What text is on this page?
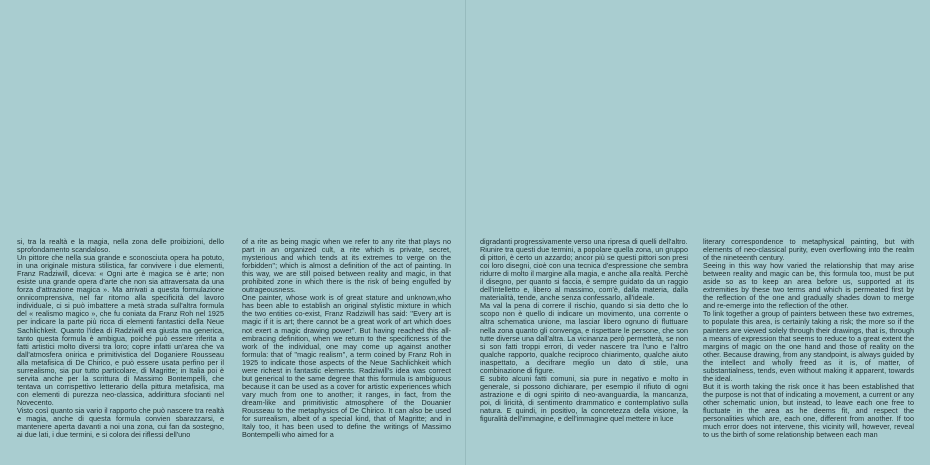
si, tra la realtà e la magia, nella zona delle proibizioni, dello sprofondamento scandaloso.

Un pittore che nella sua grande e sconosciuta opera ha potuto, in una originale mistura stilistica, far convivere i due elementi, Franz Radziwill, diceva: « Ogni arte è magica se è arte; non esiste una grande opera d'arte che non sia attraversata da una forza d'attrazione magica ». Ma arrivati a questa formulazione onnicomprensiva, nel far ritorno alla specificità del lavoro individuale, ci si può imbattere a metà strada sull'altra formula del « realismo magico », che fu coniata da Franz Roh nel 1925 per indicare la parte più ricca di elementi fantastici della Neue Sachlichkeit. Quanto l'idea di Radziwill era giusta ma generica, tanto questa formula è ambigua, poiché può essere riferita a fatti artistici molto diversi tra loro; copre infatti un'area che va dall'atmosfera onirica e primitivistica del Doganiere Rousseau alla metafisica di De Chirico, e può essere usata perfino per il surrealismo, sia pur tutto particolare, di Magritte; in Italia poi è servita anche per la scrittura di Massimo Bontempelli, che tentava un corrispettivo letterario della pittura metafisica, ma con elementi di purezza neo-classica, addirittura sfocianti nel Novecento.

Visto così quanto sia vario il rapporto che può nascere tra realtà e magia, anche di questa formula convien sbarazzarsi, e mantenere aperta davanti a noi una zona, cui fan da sostegno, ai due lati, i due termini, e si colora dei riflessi dell'uno

of a rite as being magic when we refer to any rite that plays no part in an organized cult, a rite which is private, secret, mysterious and which tends at its extremes to verge on the forbidden''; which is almost a definition of the act of painting. In this way, we are still poised between reality and magic, in that prohibited zone in which there is the risk of being engulfed by outrageousness.

One painter, whose work is of great stature and unknown,who has been able to establish an original stylistic mixture in which the two entities co-exist, Franz Radziwill has said: ''Every art is magic if it is art; there cannot be a great work of art which does not exert a magic drawing power''. But having reached this all-embracing definition, when we return to the specificness of the work of the individual, one may come up against another formula: that of ''magic realism'', a term coined by Franz Roh in 1925 to indicate those aspects of the Neue Sachlichkeit which were richest in fantastic elements. Radziwill's idea was correct but generical to the same degree that this formula is ambiguous because it can be used as a cover for artistic experiences which vary much from one to another; it ranges, in fact, from the dream-like and primitivistic atmosphere of the Douanier Rousseau to the metaphysics of De Chirico. It can also be used for surrealism, albeit of a special kind, that of Magritte; and in Italy too, it has been used to define the writings of Massimo Bontempelli who aimed for a

digradanti progressivamente verso una ripresa di quelli dell'altro.

Riunire tra questi due termini, a popolare quella zona, un gruppo di pittori, è certo un azzardo; ancor più se questi pittori son presi coi loro disegni, cioè con una tecnica d'espressione che sembra ridurre di molto il margine alla magia, e anche alla realtà. Perchè il disegno, per quanto si faccia, è sempre guidato da un raggio dell'intelletto e, libero al massimo, com'è, dalla materia, dalla materialità, tende, anche senza confessarlo, all'ideale.

Ma val la pena di correre il rischio, quando si sia detto che lo scopo non è quello di indicare un movimento, una corrente o altra schematica unione, ma lasciar libero ognuno di fluttuare nella zona quanto gli convenga, e rispettare le persone, che son tutte diverse una dall'altra. La vicinanza però permetterà, se non si son fatti troppi errori, di veder nascere tra l'uno e l'altro qualche rapporto, qualche reciproco chiarimento, qualche aiuto inaspettato, a decifrare meglio un dato di stile, una combinazione di figure.

E subito alcuni fatti comuni, sia pure in negativo e molto in generale, si possono dichiarare, per esempio il rifiuto di ogni astrazione e di ogni spirito di neo-avanguardia, la mancanza, poi, di liricità, di sentimento drammatico e contemplativo sulla natura. E quindi, in positivo, la concretezza della visione, la figuralità dell'immagine, e dell'immagine quel mettere in luce

literary correspondence to metaphysical painting, but with elements of neo-classical purity, even overflowing into the realm of the nineteenth century.

Seeing in this way how varied the relationship that may arise between reality and magic can be, this formula too, must be put aside so as to keep an area before us, supported at its extremities by these two terms and which is permeated first by the reflection of the one and gradually shades down to merge and re-emerge into the reflection of the other.

To link together a group of painters between these two extremes, to populate this area, is certainly taking a risk; the more so if the painters are viewed solely through their drawings, that is, through a means of expression that seems to reduce to a great extent the margins of magic on the one hand and those of reality on the other. Because drawing, from any standpoint, is always guided by the intellect and wholly freed as it is, of matter, of substantialness, tends, even without making it apparent, towards the ideal.

But it is worth taking the risk once it has been established that the purpose is not that of indicating a movement, a current or any other schematic union, but instead, to leave each one free to fluctuate in the area as he deems fit, and respect the personalities which are, each one, different from another. If too much error does not intervene, this vicinity will, however, reveal to us the birth of some relationship between each man
